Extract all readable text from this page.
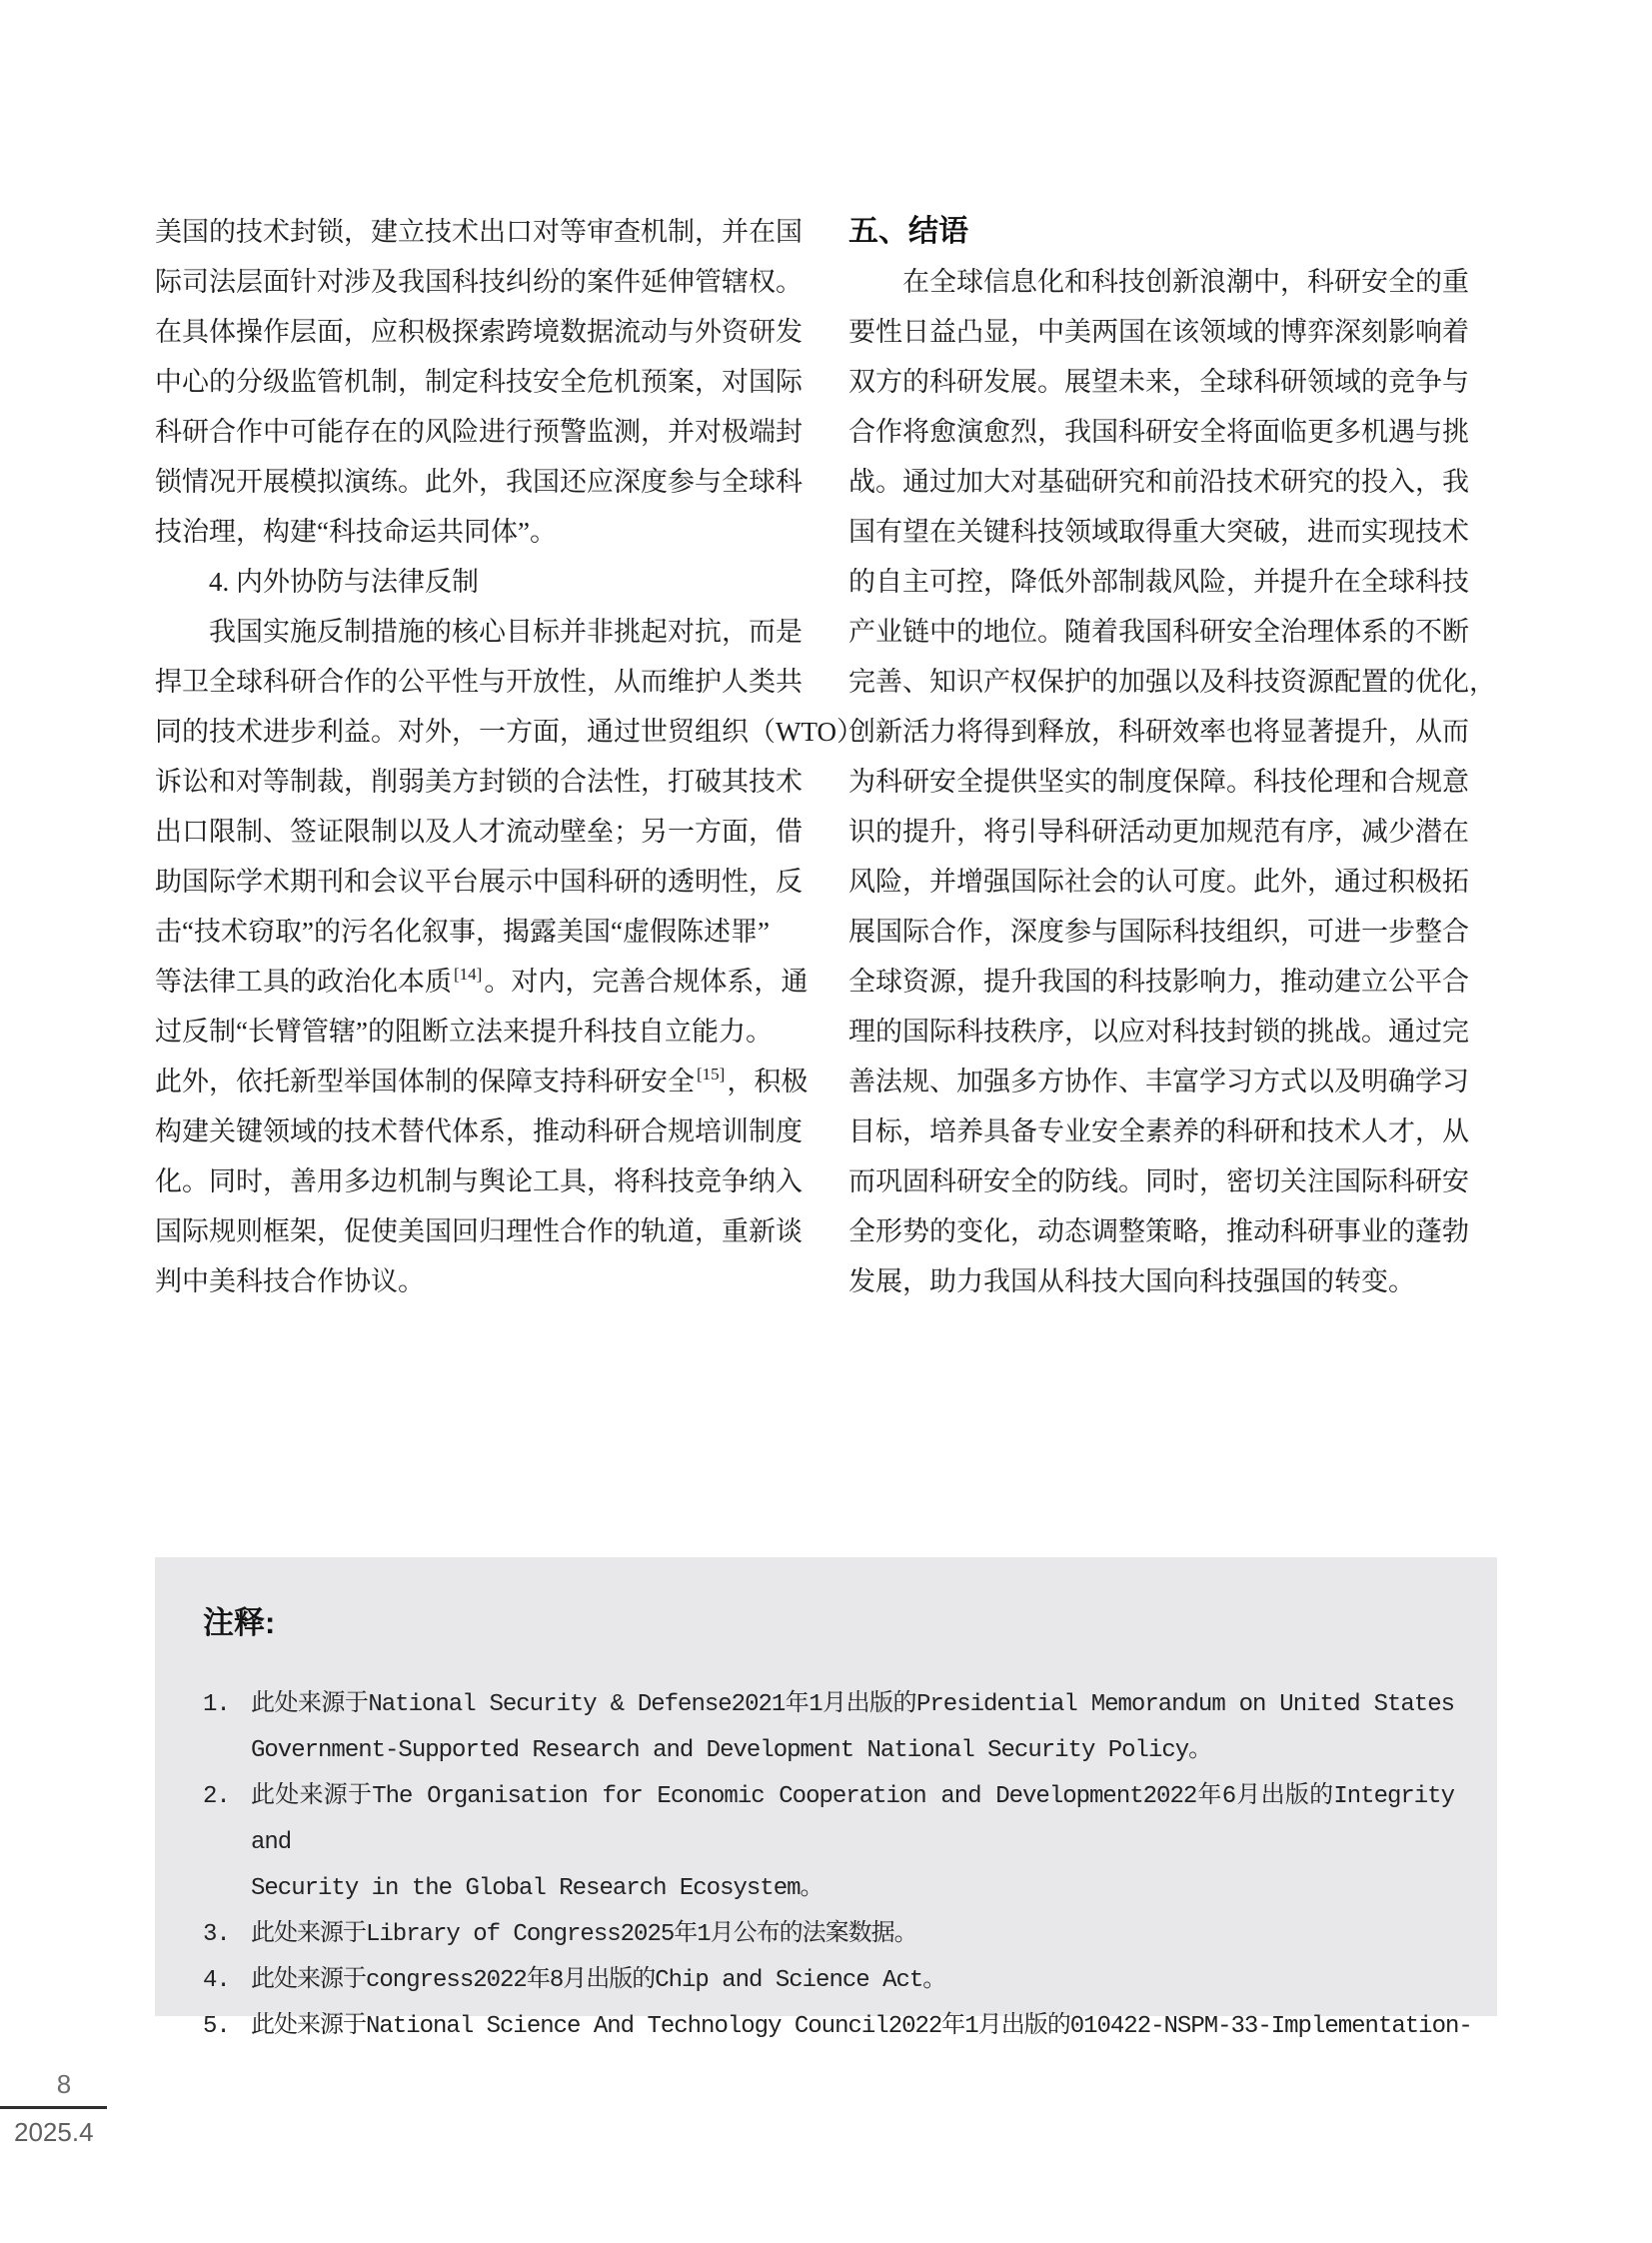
美国的技术封锁，建立技术出口对等审查机制，并在国
际司法层面针对涉及我国科技纠纷的案件延伸管辖权。
在具体操作层面，应积极探索跨境数据流动与外资研发
中心的分级监管机制，制定科技安全危机预案，对国际
科研合作中可能存在的风险进行预警监测，并对极端封
锁情况开展模拟演练。此外，我国还应深度参与全球科
技治理，构建“科技命运共同体”。
4. 内外协防与法律反制
我国实施反制措施的核心目标并非挑起对抗，而是
捍卫全球科研合作的公平性与开放性，从而维护人类共
同的技术进步利益。对外，一方面，通过世贸组织（WTO）
诉讼和对等制裁，削弱美方封锁的合法性，打破其技术
出口限制、签证限制以及人才流动壁垒；另一方面，借
助国际学术期刊和会议平台展示中国科研的透明性，反
击“技术窃取”的污名化叙事，揭露美国“虚假陈述罪”
等法律工具的政治化本质 [14]。对内，完善合规体系，通
过反制“长臂管辖”的阻断立法来提升科技自立能力。
此外，依托新型举国体制的保障支持科研安全 [15]，积极
构建关键领域的技术替代体系，推动科研合规培训制度
化。同时，善用多边机制与舆论工具，将科技竞争纳入
国际规则框架，促使美国回归理性合作的轨道，重新谈
判中美科技合作协议。
五、结语
在全球信息化和科技创新浪潮中，科研安全的重
要性日益凸显，中美两国在该领域的博弈深刻影响着
双方的科研发展。展望未来，全球科研领域的竞争与
合作将愈演愈烈，我国科研安全将面临更多机遇与挑
战。通过加大对基础研究和前沿技术研究的投入，我
国有望在关键科技领域取得重大突破，进而实现技术
的自主可控，降低外部制裁风险，并提升在全球科技
产业链中的地位。随着我国科研安全治理体系的不断
完善、知识产权保护的加强以及科技资源配置的优化，
创新活力将得到释放，科研效率也将显著提升，从而
为科研安全提供坚实的制度保障。科技伦理和合规意
识的提升，将引导科研活动更加规范有序，减少潜在
风险，并增强国际社会的认可度。此外，通过积极拓
展国际合作，深度参与国际科技组织，可进一步整合
全球资源，提升我国的科技影响力，推动建立公平合
理的国际科技秩序，以应对科技封锁的挑战。通过完
善法规、加强多方协作、丰富学习方式以及明确学习
目标，培养具备专业安全素养的科研和技术人才，从
而巩固科研安全的防线。同时，密切关注国际科研安
全形势的变化，动态调整策略，推动科研事业的蓬勃
发展，助力我国从科技大国向科技强国的转变。
注释:
1. 此处来源于National Security & Defense2021年1月出版的Presidential Memorandum on United States
Government-Supported Research and Development National Security Policy。
2. 此处来源于The Organisation for Economic Cooperation and Development2022年6月出版的Integrity and
Security in the Global Research Ecosystem。
3. 此处来源于Library of Congress2025年1月公布的法案数据。
4. 此处来源于congress2022年8月出版的Chip and Science Act。
5. 此处来源于National Science And Technology Council2022年1月出版的010422-NSPM-33-Implementation-
8
2025.4
